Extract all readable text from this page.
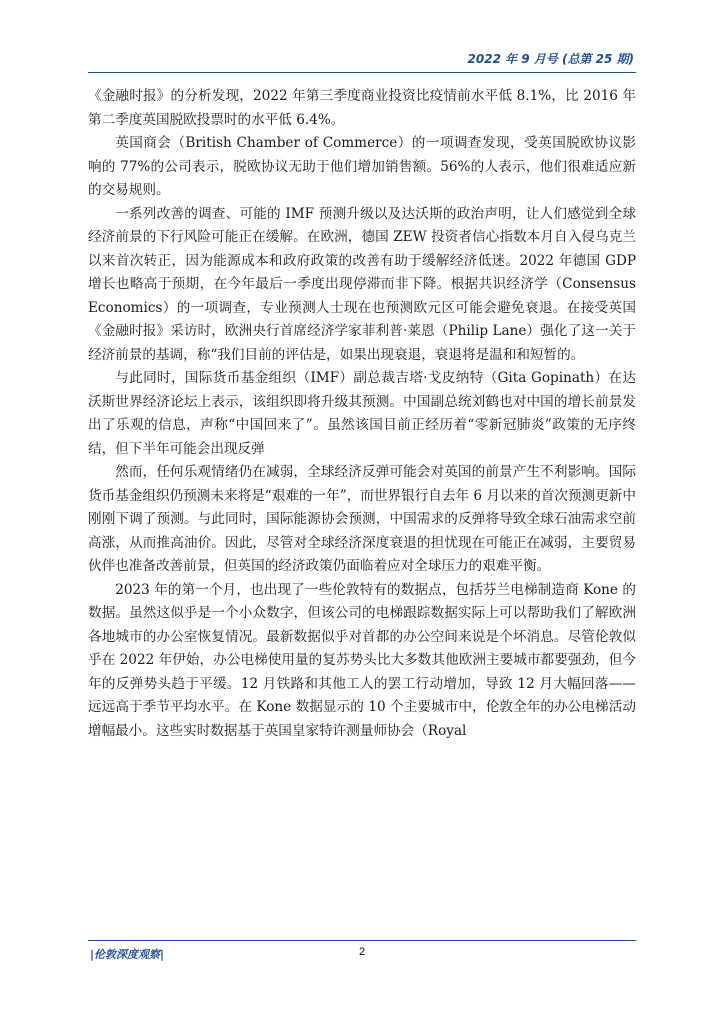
2022 年 9 月号 (总第 25 期)

《金融时报》的分析发现，2022 年第三季度商业投资比疫情前水平低 8.1%，比 2016 年第二季度英国脱欧投票时的水平低 6.4%。

英国商会（British Chamber of Commerce）的一项调查发现，受英国脱欧协议影响的 77%的公司表示，脱欧协议无助于他们增加销售额。56%的人表示，他们很难适应新的交易规则。

一系列改善的调查、可能的 IMF 预测升级以及达沃斯的政治声明，让人们感觉到全球经济前景的下行风险可能正在缓解。在欧洲，德国 ZEW 投资者信心指数本月自入侵乌克兰以来首次转正，因为能源成本和政府政策的改善有助于缓解经济低迷。2022 年德国 GDP 增长也略高于预期，在今年最后一季度出现停滞而非下降。根据共识经济学（Consensus Economics）的一项调查，专业预测人士现在也预测欧元区可能会避免衰退。在接受英国《金融时报》采访时，欧洲央行首席经济学家菲利普·莱恩（Philip Lane）强化了这一关于经济前景的基调，称“我们目前的评估是，如果出现衰退，衰退将是温和和短暂的。

与此同时，国际货币基金组织（IMF）副总裁吉塔·戈皮纳特（Gita Gopinath）在达沃斯世界经济论坛上表示，该组织即将升级其预测。中国副总统刘鹤也对中国的增长前景发出了乐观的信息，声称“中国回来了”。虽然该国目前正经历着“零新冠肺炎”政策的无序终结，但下半年可能会出现反弹

然而，任何乐观情绪仍在减弱，全球经济反弹可能会对英国的前景产生不利影响。国际货币基金组织仍预测未来将是“艰难的一年”，而世界银行自去年 6 月以来的首次预测更新中刚刚下调了预测。与此同时，国际能源协会预测，中国需求的反弹将导致全球石油需求空前高涨，从而推高油价。因此，尽管对全球经济深度衰退的担忧现在可能正在减弱，主要贸易伙伴也准备改善前景，但英国的经济政策仍面临着应对全球压力的艰难平衡。

2023 年的第一个月，也出现了一些伦敦特有的数据点，包括芬兰电梯制造商 Kone 的数据。虽然这似乎是一个小众数字，但该公司的电梯跟踪数据实际上可以帮助我们了解欧洲各地城市的办公室恢复情况。最新数据似乎对首都的办公空间来说是个坏消息。尽管伦敦似乎在 2022 年伊始，办公电梯使用量的复苏势头比大多数其他欧洲主要城市都要强劲，但今年的反弹势头趋于平缓。12 月铁路和其他工人的罢工行动增加，导致 12 月大幅回落——远远高于季节平均水平。在 Kone 数据显示的 10 个主要城市中，伦敦全年的办公电梯活动增幅最小。这些实时数据基于英国皇家特许测量师协会（Royal

|伦敦深度观察|	2
